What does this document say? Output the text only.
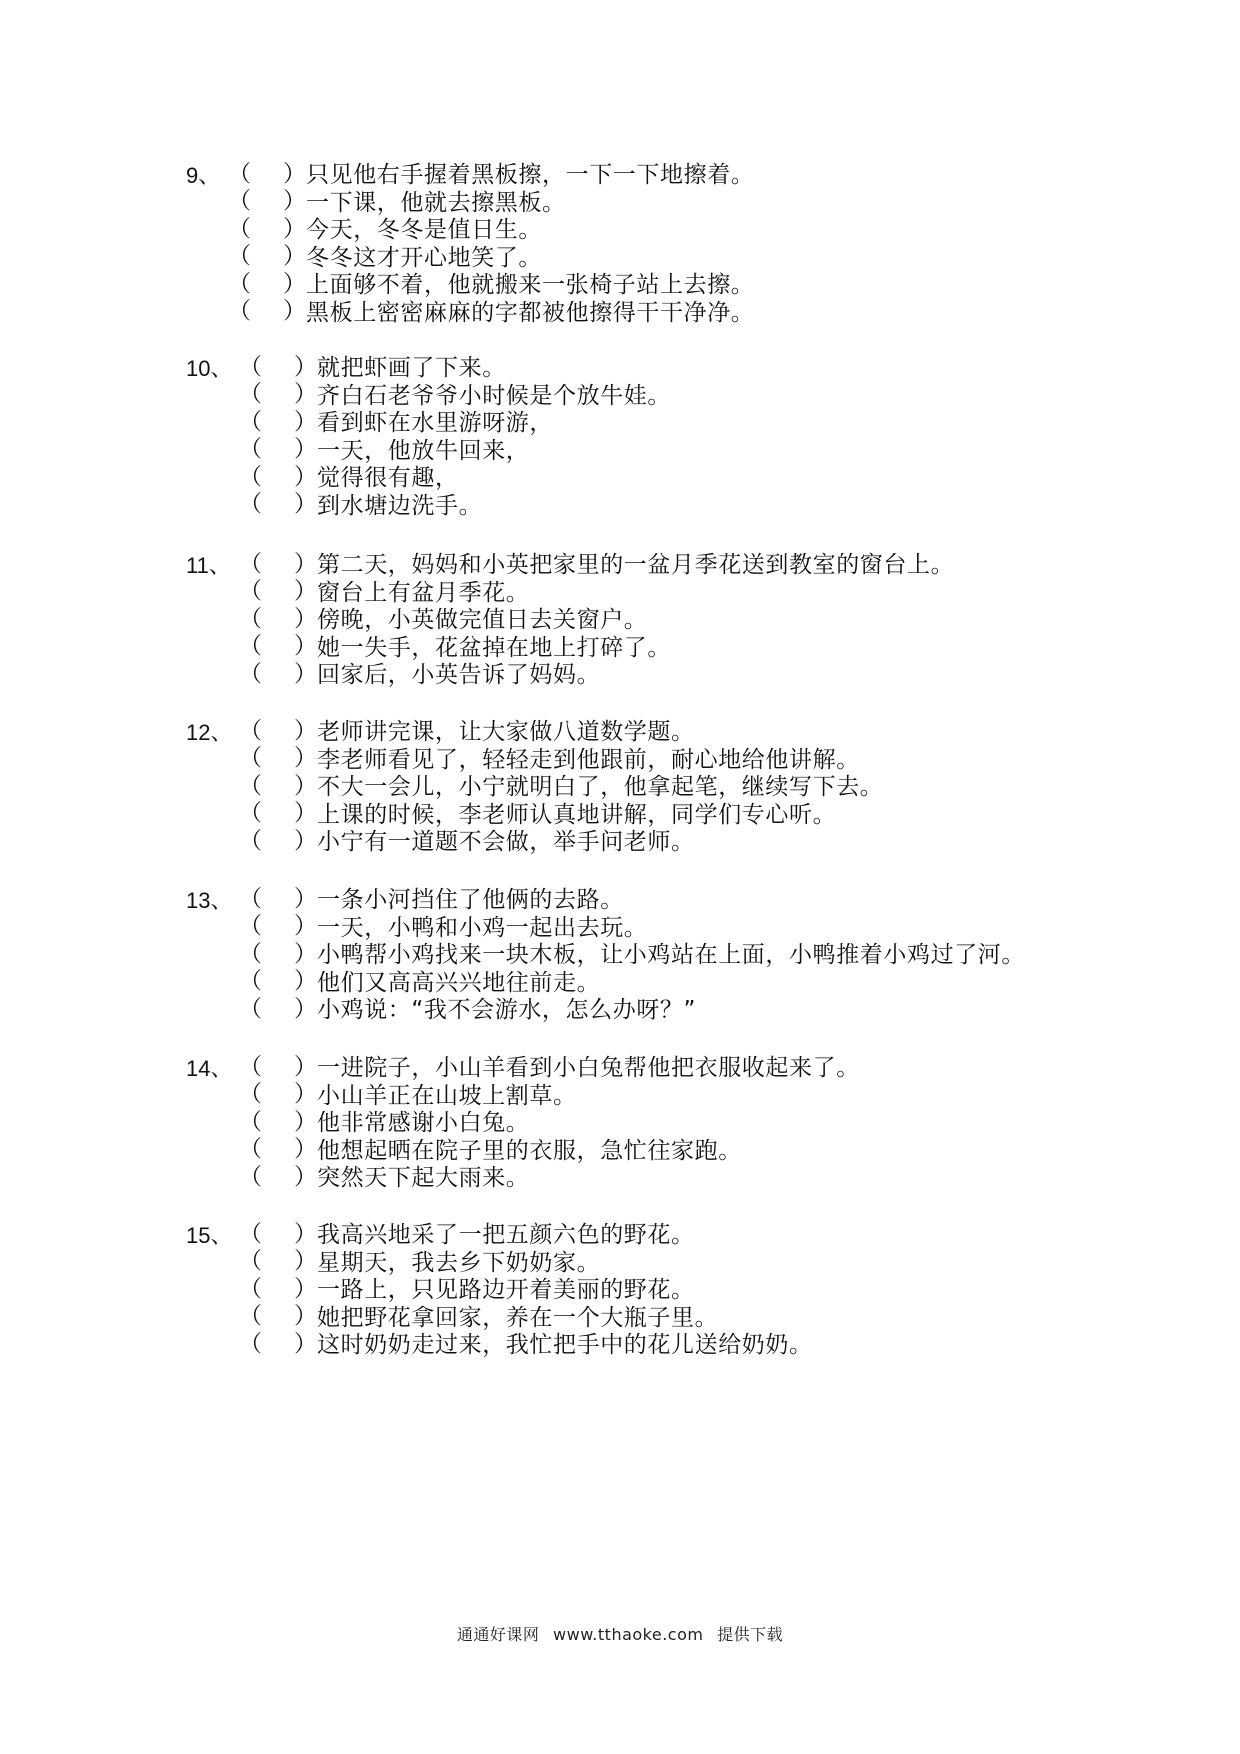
9、 （ ） 只见他右手握着黑板擦，一下一下地擦着。
（ ） 一下课，他就去擦黑板。
（ ） 今天，冬冬是值日生。
（ ） 冬冬这才开心地笑了。
（ ） 上面够不着，他就搬来一张椅子站上去擦。
（ ） 黑板上密密麻麻的字都被他擦得干干净净。
10、 （ ） 就把虾画了下来。
（ ） 齐白石老爷爷小时候是个放牛娃。
（ ） 看到虾在水里游呀游，
（ ） 一天，他放牛回来，
（ ） 觉得很有趣，
（ ） 到水塘边洗手。
11、 （ ） 第二天，妈妈和小英把家里的一盆月季花送到教室的窗台上。
（ ） 窗台上有盆月季花。
（ ） 傍晚，小英做完值日去关窗户。
（ ） 她一失手，花盆掉在地上打碎了。
（ ） 回家后，小英告诉了妈妈。
12、 （ ） 老师讲完课，让大家做八道数学题。
（ ） 李老师看见了，轻轻走到他跟前，耐心地给他讲解。
（ ） 不大一会儿，小宁就明白了，他拿起笔，继续写下去。
（ ） 上课的时候，李老师认真地讲解，同学们专心听。
（ ） 小宁有一道题不会做，举手问老师。
13、 （ ） 一条小河挡住了他俩的去路。
（ ） 一天，小鸭和小鸡一起出去玩。
（ ） 小鸭帮小鸡找来一块木板，让小鸡站在上面，小鸭推着小鸡过了河。
（ ） 他们又高高兴兴地往前走。
（ ） 小鸡说：“我不会游水，怎么办呀？”
14、 （ ） 一进院子，小山羊看到小白兔帮他把衣服收起来了。
（ ） 小山羊正在山坡上割草。
（ ） 他非常感谢小白兔。
（ ） 他想起晒在院子里的衣服，急忙往家跑。
（ ） 突然天下起大雨来。
15、 （ ） 我高兴地采了一把五颜六色的野花。
（ ） 星期天，我去乡下奶奶家。
（ ） 一路上，只见路边开着美丽的野花。
（ ） 她把野花拿回家，养在一个大瓶子里。
（ ） 这时奶奶走过来，我忙把手中的花儿送给奶奶。
通通好课网 www.tthaoke.com 提供下载
